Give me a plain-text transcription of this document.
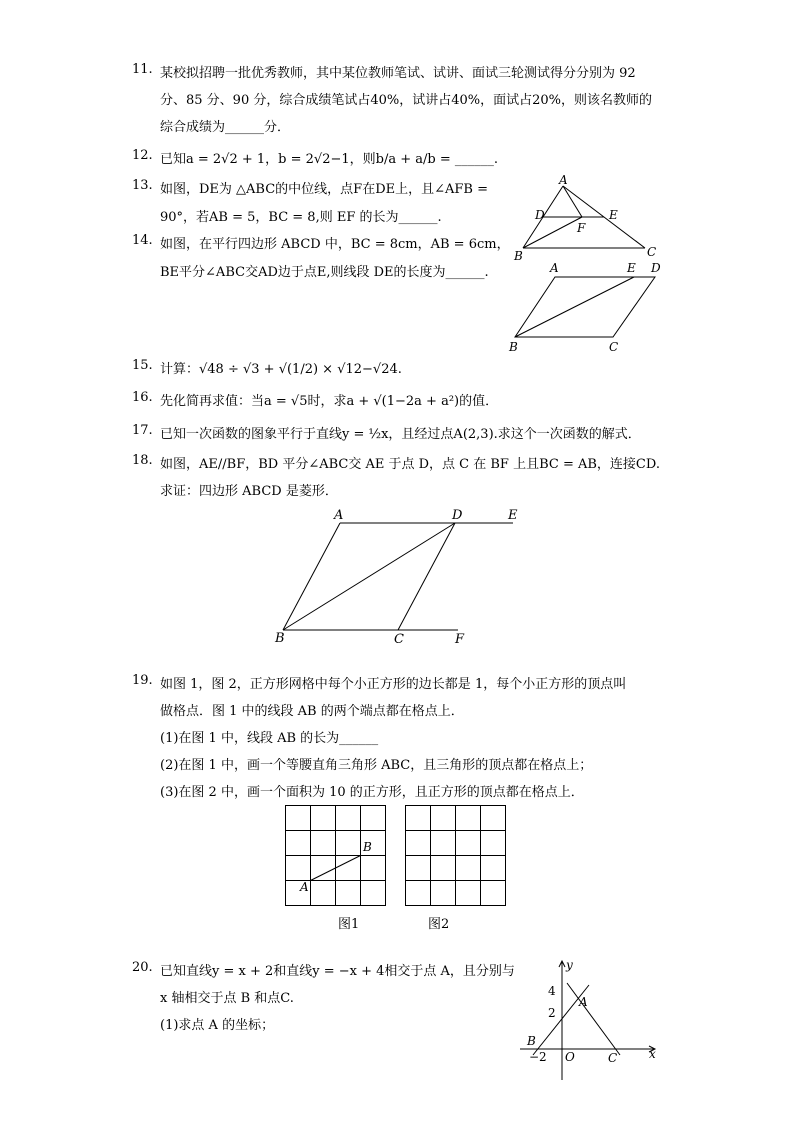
11. 某校拟招聘一批优秀教师，其中某位教师笔试、试讲、面试三轮测试得分分别为 92
分、85 分、90 分，综合成绩笔试占40%，试讲占40%，面试占20%，则该名教师的
综合成绩为______分．
12. 已知a = 2√2 + 1，b = 2√2−1，则b/a + a/b = ______.
13. 如图，DE为 △ABC的中位线，点F在DE上，且∠AFB =
90°，若AB = 5，BC = 8,则 EF 的长为______.
14. 如图，在平行四边形 ABCD 中，BC = 8cm，AB = 6cm，
BE平分∠ABC交AD边于点E,则线段 DE的长度为______.
A
D	E
F
B	C
A	E D
B	C
15. 计算：√48 ÷ √3 + √(1/2) × √12−√24.
16. 先化简再求值：当a = √5时，求a + √(1−2a + a²)的值．
17. 已知一次函数的图象平行于直线y = ½x，且经过点A(2,3).求这个一次函数的解式．
18. 如图，AE//BF，BD 平分∠ABC交 AE 于点 D，点 C 在 BF 上且BC = AB，连接CD.
求证：四边形 ABCD 是菱形．
A	D	E
B	C	F
19. 如图 1，图 2，正方形网格中每个小正方形的边长都是 1，每个小正方形的顶点叫
做格点．图 1 中的线段 AB 的两个端点都在格点上．
(1)在图 1 中，线段 AB 的长为______
(2)在图 1 中，画一个等腰直角三角形 ABC，且三角形的顶点都在格点上；
(3)在图 2 中，画一个面积为 10 的正方形，且正方形的顶点都在格点上．
A
B
图1	图2
20. 已知直线y = x + 2和直线y = −x + 4相交于点 A，且分别与
x 轴相交于点 B 和点C.
(1)求点 A 的坐标；
y
x
A
B
O	C
4
2
−2
